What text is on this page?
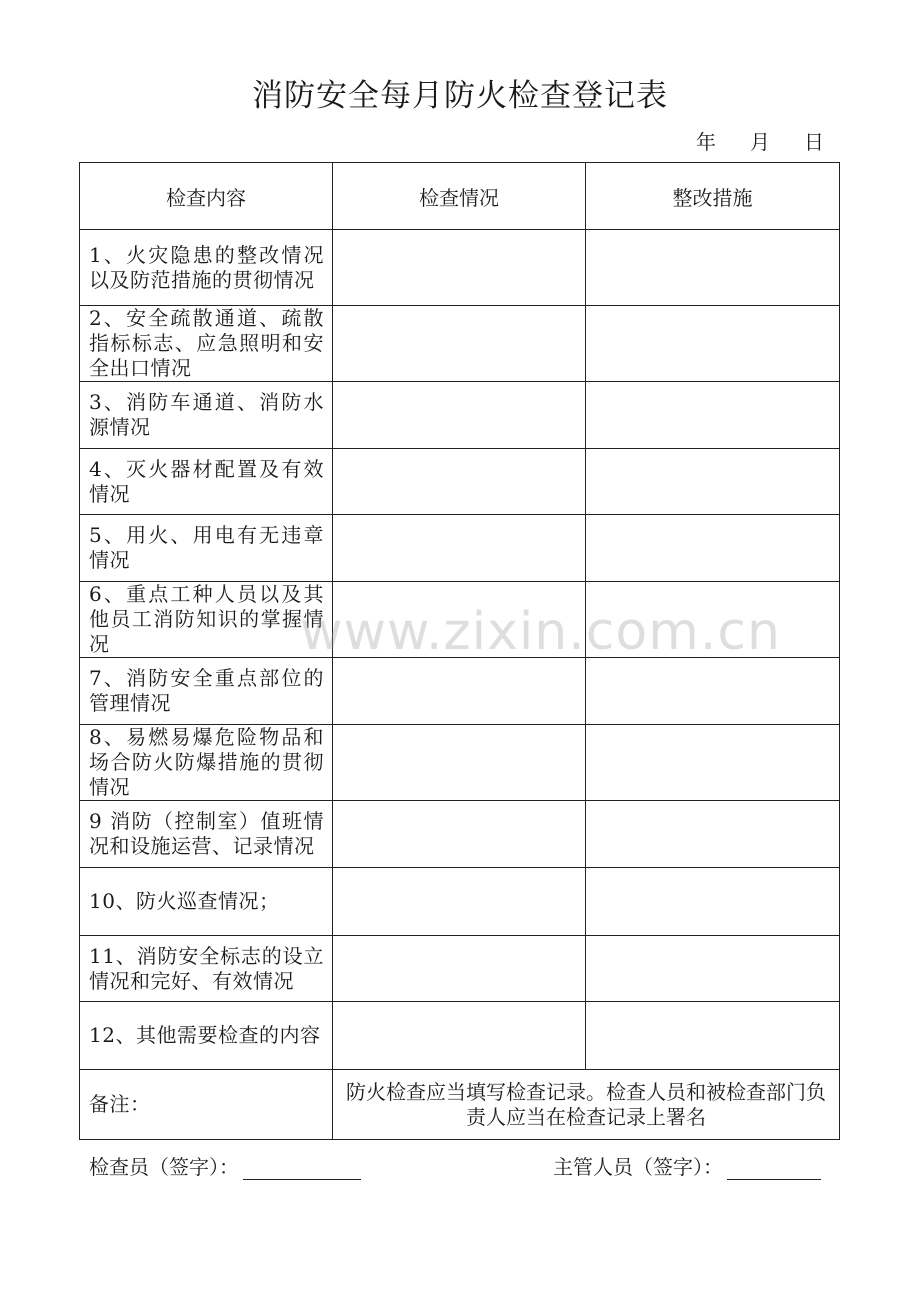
消防安全每月防火检查登记表
年 月 日
检查内容	检查情况	整改措施
1、火灾隐患的整改情况以及防范措施的贯彻情况		
2、安全疏散通道、疏散指标标志、应急照明和安全出口情况		
3、消防车通道、消防水源情况		
4、灭火器材配置及有效情况		
5、用火、用电有无违章情况		
6、重点工种人员以及其他员工消防知识的掌握情况		
7、消防安全重点部位的管理情况		
8、易燃易爆危险物品和场合防火防爆措施的贯彻情况		
9 消防（控制室）值班情况和设施运营、记录情况		
10、防火巡查情况；		
11、消防安全标志的设立情况和完好、有效情况		
12、其他需要检查的内容		
备注：	防火检查应当填写检查记录。检查人员和被检查部门负责人应当在检查记录上署名	
检查员（签字）：	主管人员（签字）：
www.zixin.com.cn
